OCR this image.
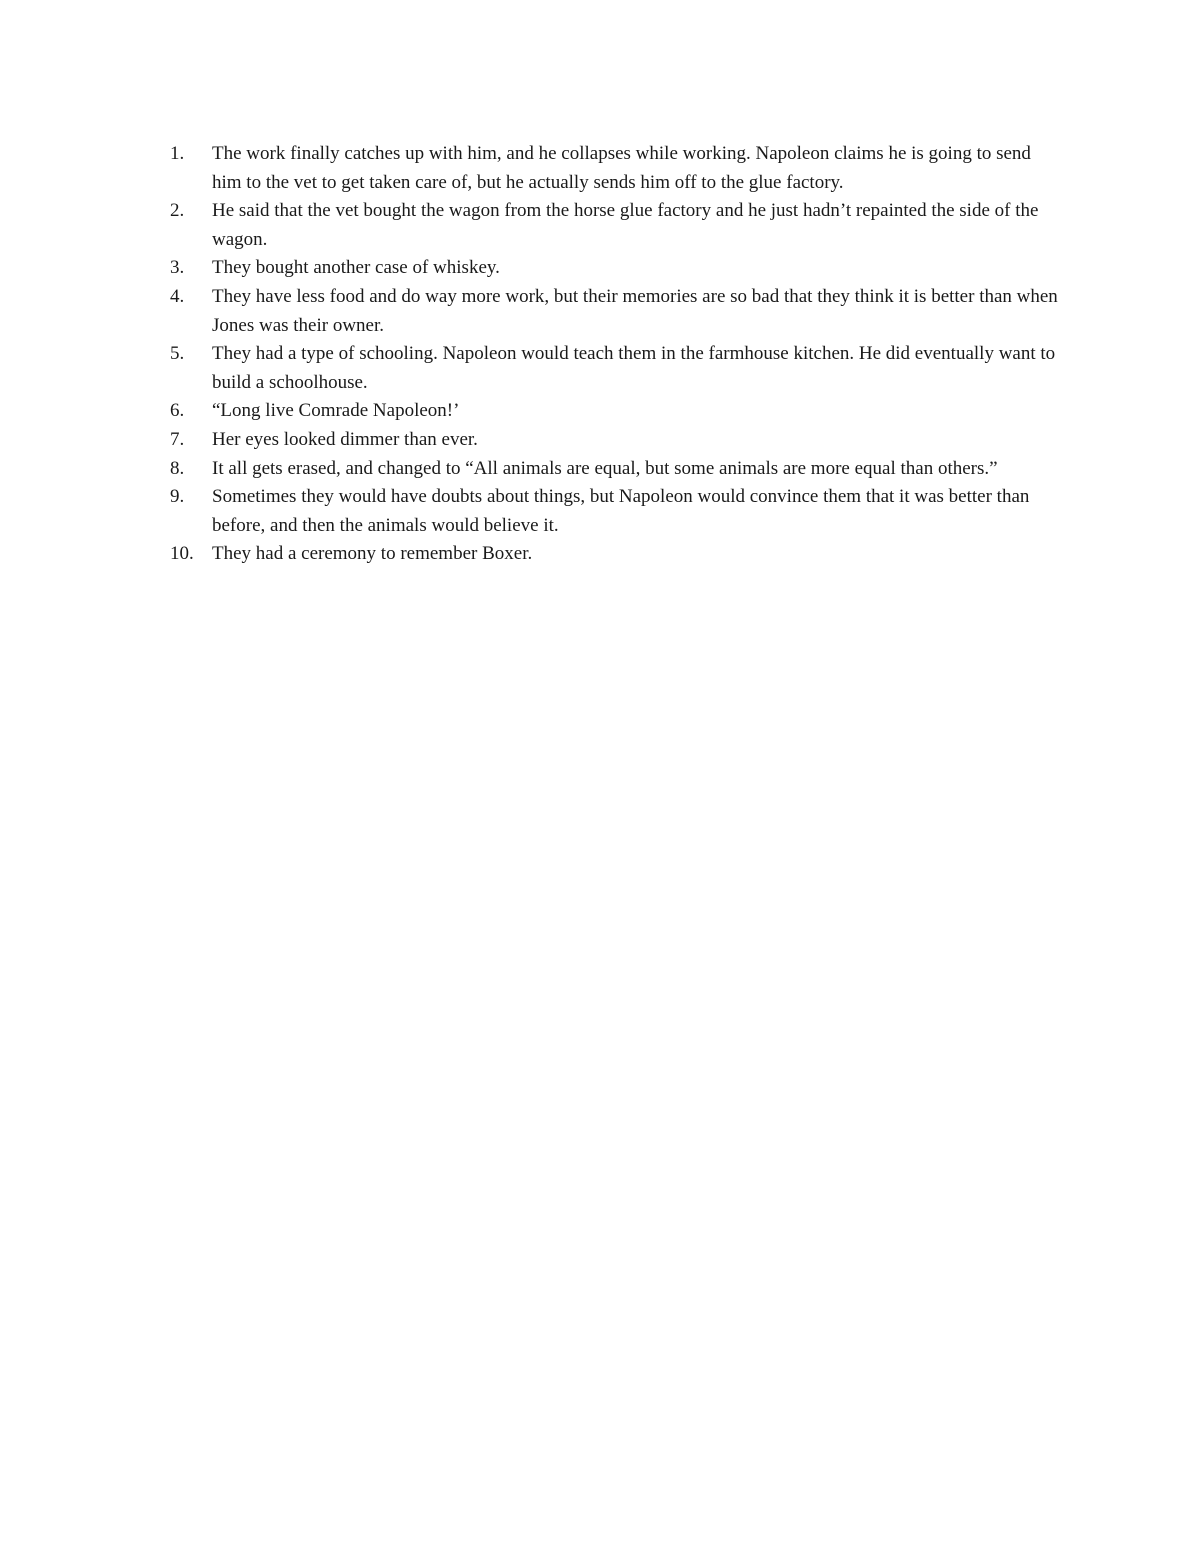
1.	The work finally catches up with him, and he collapses while working. Napoleon claims he is going to send him to the vet to get taken care of, but he actually sends him off to the glue factory.
2.	He said that the vet bought the wagon from the horse glue factory and he just hadn’t repainted the side of the wagon.
3.	They bought another case of whiskey.
4.	They have less food and do way more work, but their memories are so bad that they think it is better than when Jones was their owner.
5.	They had a type of schooling. Napoleon would teach them in the farmhouse kitchen. He did eventually want to build a schoolhouse.
6.	“Long live Comrade Napoleon!’
7.	Her eyes looked dimmer than ever.
8.	It all gets erased, and changed to “All animals are equal, but some animals are more equal than others.”
9.	Sometimes they would have doubts about things, but Napoleon would convince them that it was better than before, and then the animals would believe it.
10. They had a ceremony to remember Boxer.
